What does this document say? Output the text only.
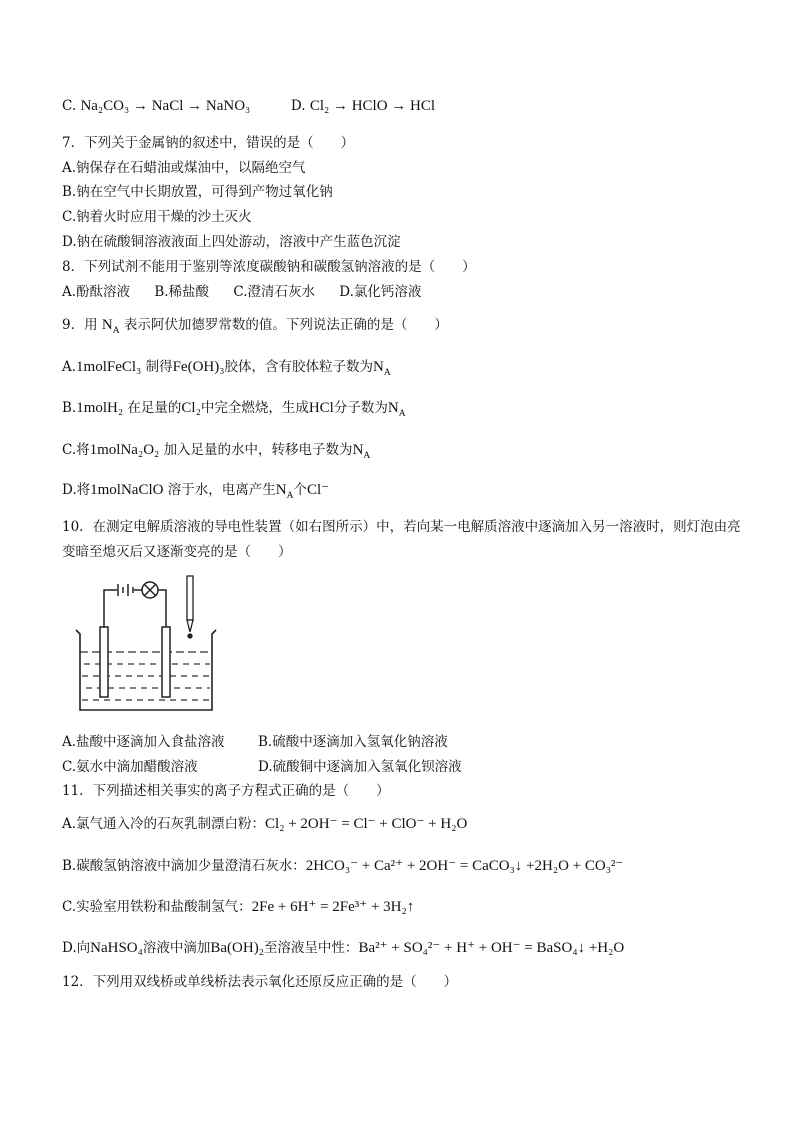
C. Na₂CO₃ → NaCl → NaNO₃	D. Cl₂ → HClO → HCl
7．下列关于金属钠的叙述中，错误的是（　　）
A.钠保存在石蜡油或煤油中，以隔绝空气
B.钠在空气中长期放置，可得到产物过氧化钠
C.钠着火时应用干燥的沙土灭火
D.钠在硫酸铜溶液液面上四处游动，溶液中产生蓝色沉淀
8．下列试剂不能用于鉴别等浓度碳酸钠和碳酸氢钠溶液的是（　　）
A.酚酞溶液 B.稀盐酸 C.澄清石灰水 D.氯化钙溶液
9．用 $N_A$ 表示阿伏加德罗常数的值。下列说法正确的是（　　）
A.1molFeCl₃ 制得Fe(OH)₃胶体，含有胶体粒子数为$N_A$
B.1molH₂ 在足量的Cl₂中完全燃烧，生成HCl分子数为$N_A$
C.将1molNa₂O₂ 加入足量的水中，转移电子数为$N_A$
D.将1molNaClO 溶于水，电离产生$N_A$个Cl⁻
10．在测定电解质溶液的导电性装置（如右图所示）中，若向某一电解质溶液中逐滴加入另一溶液时，则灯泡由亮变暗至熄灭后又逐渐变亮的是（　　）
A.盐酸中逐滴加入食盐溶液 B.硫酸中逐滴加入氢氧化钠溶液
C.氨水中滴加醋酸溶液	D.硫酸铜中逐滴加入氢氧化钡溶液
11．下列描述相关事实的离子方程式正确的是（　　）
A.氯气通入冷的石灰乳制漂白粉：Cl₂ + 2OH⁻ = Cl⁻ + ClO⁻ + H₂O
B.碳酸氢钠溶液中滴加少量澄清石灰水：2HCO₃⁻ + Ca²⁺ + 2OH⁻ = CaCO₃↓ +2H₂O + CO₃²⁻
C.实验室用铁粉和盐酸制氢气：2Fe + 6H⁺ = 2Fe³⁺ + 3H₂↑
D.向NaHSO₄溶液中滴加Ba(OH)₂至溶液呈中性：Ba²⁺ + SO₄²⁻ + H⁺ + OH⁻ = BaSO₄↓ +H₂O
12．下列用双线桥或单线桥法表示氧化还原反应正确的是（　　）
